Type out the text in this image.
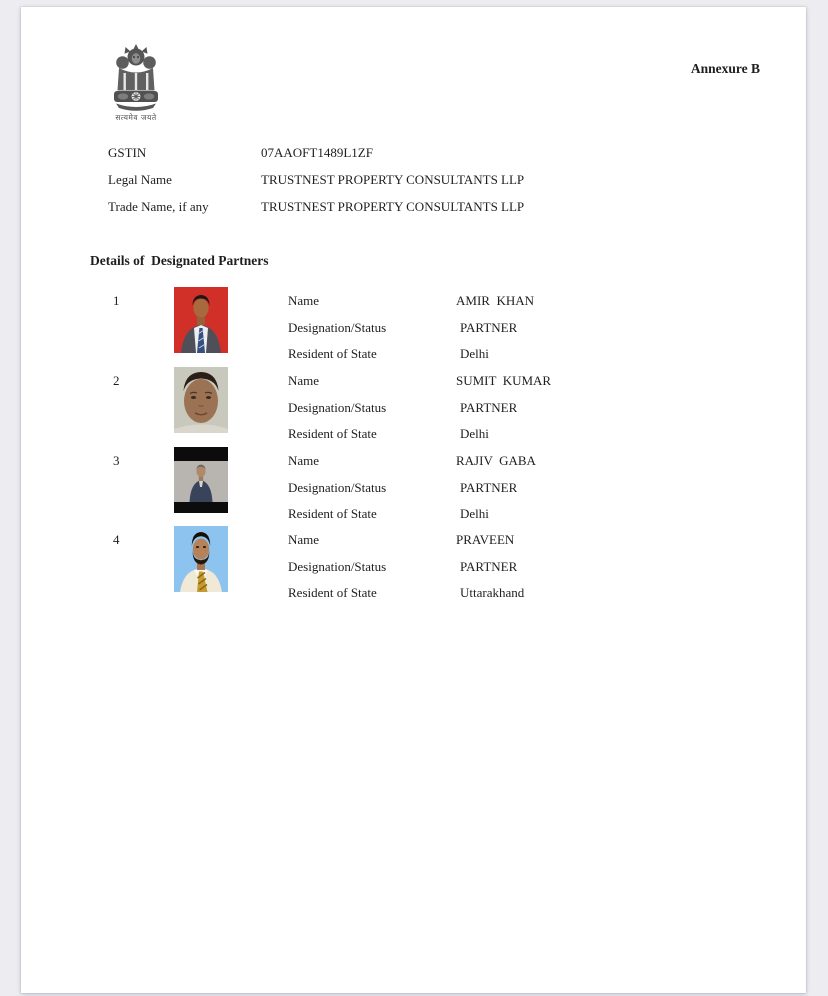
सत्यमेव जयते
Annexure B
GSTIN	07AAOFT1489L1ZF
Legal Name	TRUSTNEST PROPERTY CONSULTANTS LLP
Trade Name, if any	TRUSTNEST PROPERTY CONSULTANTS LLP
Details of  Designated Partners
1	Name	AMIR  KHAN
Designation/Status	PARTNER
Resident of State	Delhi
2	Name	SUMIT  KUMAR
Designation/Status	PARTNER
Resident of State	Delhi
3	Name	RAJIV  GABA
Designation/Status	PARTNER
Resident of State	Delhi
4	Name	PRAVEEN
Designation/Status	PARTNER
Resident of State	Uttarakhand
